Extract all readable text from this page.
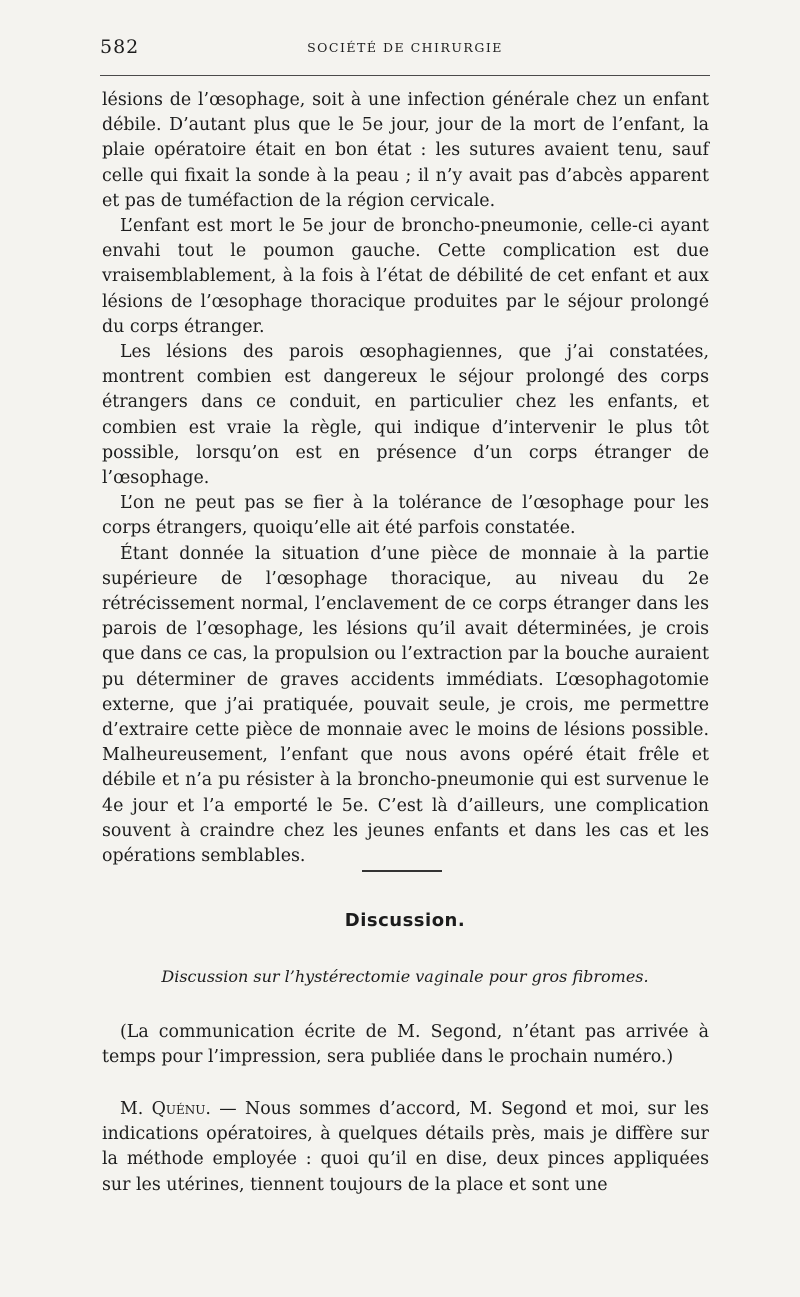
582	SOCIÉTÉ DE CHIRURGIE

lésions de l’œsophage, soit à une infection générale chez un enfant débile. D’autant plus que le 5e jour, jour de la mort de l’enfant, la plaie opératoire était en bon état : les sutures avaient tenu, sauf celle qui fixait la sonde à la peau ; il n’y avait pas d’abcès apparent et pas de tuméfaction de la région cervicale.

L’enfant est mort le 5e jour de broncho-pneumonie, celle-ci ayant envahi tout le poumon gauche. Cette complication est due vraisemblablement, à la fois à l’état de débilité de cet enfant et aux lésions de l’œsophage thoracique produites par le séjour prolongé du corps étranger.

Les lésions des parois œsophagiennes, que j’ai constatées, montrent combien est dangereux le séjour prolongé des corps étrangers dans ce conduit, en particulier chez les enfants, et combien est vraie la règle, qui indique d’intervenir le plus tôt possible, lorsqu’on est en présence d’un corps étranger de l’œsophage.

L’on ne peut pas se fier à la tolérance de l’œsophage pour les corps étrangers, quoiqu’elle ait été parfois constatée.

Étant donnée la situation d’une pièce de monnaie à la partie supérieure de l’œsophage thoracique, au niveau du 2e rétrécissement normal, l’enclavement de ce corps étranger dans les parois de l’œsophage, les lésions qu’il avait déterminées, je crois que dans ce cas, la propulsion ou l’extraction par la bouche auraient pu déterminer de graves accidents immédiats. L’œsophagotomie externe, que j’ai pratiquée, pouvait seule, je crois, me permettre d’extraire cette pièce de monnaie avec le moins de lésions possible. Malheureusement, l’enfant que nous avons opéré était frêle et débile et n’a pu résister à la broncho-pneumonie qui est survenue le 4e jour et l’a emporté le 5e. C’est là d’ailleurs, une complication souvent à craindre chez les jeunes enfants et dans les cas et les opérations semblables.

Discussion.
Discussion sur l’hystérectomie vaginale pour gros fibromes.

(La communication écrite de M. Segond, n’étant pas arrivée à temps pour l’impression, sera publiée dans le prochain numéro.)

M. Quénu. — Nous sommes d’accord, M. Segond et moi, sur les indications opératoires, à quelques détails près, mais je diffère sur la méthode employée : quoi qu’il en dise, deux pinces appliquées sur les utérines, tiennent toujours de la place et sont une
